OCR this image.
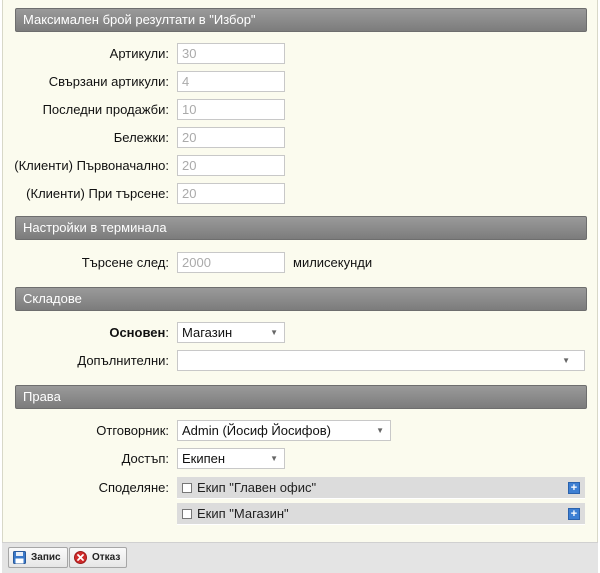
Максимален брой резултати в "Избор"
Артикули:	30
Свързани артикули:	4
Последни продажби:	10
Бележки:	20
(Клиенти) Първоначално:	20
(Клиенти) При търсене:	20
Настройки в терминала
Търсене след:	2000	милисекунди
Складове
Основен:	Магазин	▼
Допълнителни:	▼
Права
Отговорник:	Admin (Йосиф Йосифов)	▼
Достъп:	Екипен	▼
Споделяне: Екип "Главен офис"	+
Екип "Магазин"	+
Запис	Отказ
